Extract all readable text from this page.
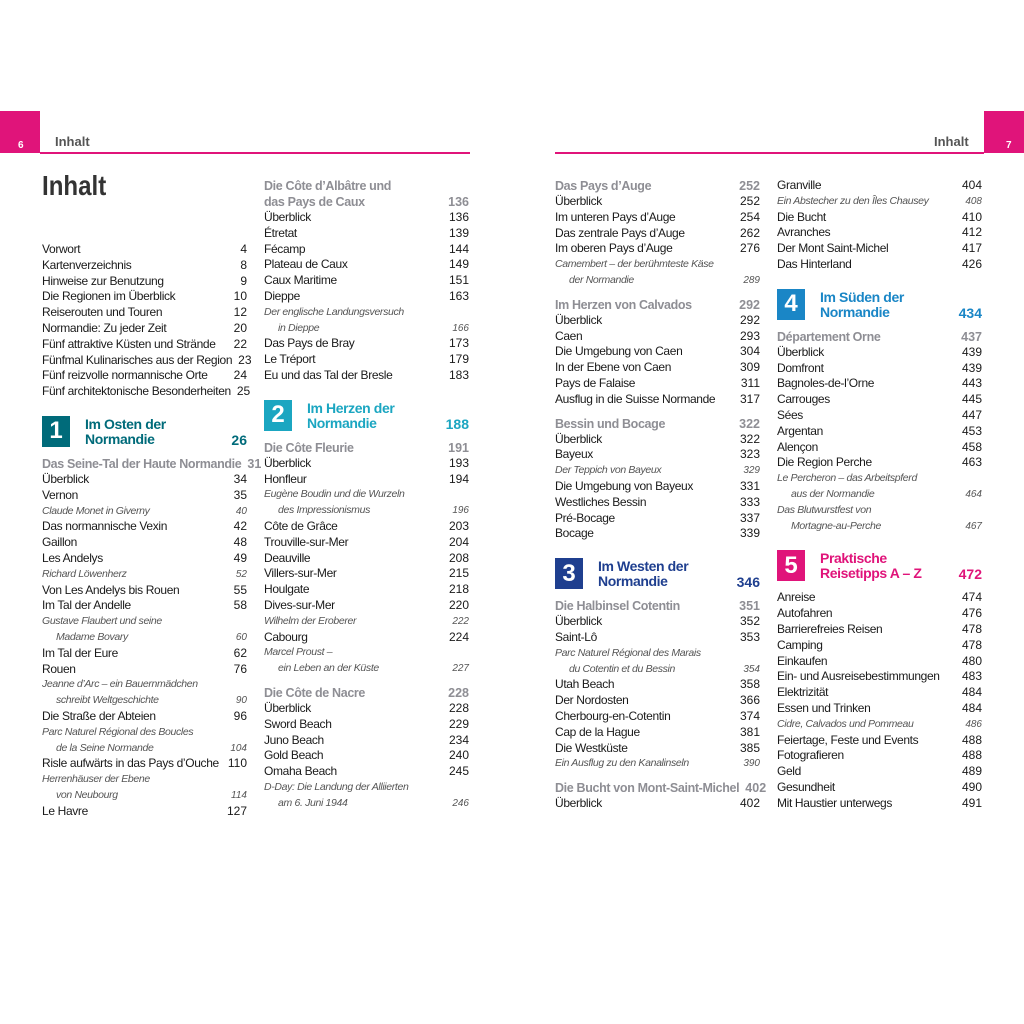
6	Inhalt	7
Inhalt
Inhalt
Vorwort	4
Kartenverzeichnis	8
Hinweise zur Benutzung	9
Die Regionen im Überblick	10
Reiserouten und Touren	12
Normandie: Zu jeder Zeit	20
Fünf attraktive Küsten und Strände	22
Fünfmal Kulinarisches aus der Region 23
Fünf reizvolle normannische Orte	24
Fünf architektonische Besonderheiten 25
1	Im Osten der
Normandie	26
Das Seine-Tal der Haute Normandie 31
Überblick	34
Vernon	35
Claude Monet in Giverny	40
Das normannische Vexin	42
Gaillon	48
Les Andelys	49
Richard Löwenherz	52
Von Les Andelys bis Rouen	55
Im Tal der Andelle	58
Gustave Flaubert und seine
Madame Bovary	60
Im Tal der Eure	62
Rouen	76
Jeanne d’Arc – ein Bauernmädchen
schreibt Weltgeschichte	90
Die Straße der Abteien	96
Parc Naturel Régional des Boucles
de la Seine Normande	104
Risle aufwärts in das Pays d’Ouche 110
Herrenhäuser der Ebene
von Neubourg	114
Le Havre	127
Die Côte d’Albâtre und
das Pays de Caux	136
Überblick	136
Étretat	139
Fécamp	144
Plateau de Caux	149
Caux Maritime	151
Dieppe	163
Der englische Landungsversuch
in Dieppe	166
Das Pays de Bray	173
Le Tréport	179
Eu und das Tal der Bresle	183
2	Im Herzen der
Normandie	188
Die Côte Fleurie	191
Überblick	193
Honfleur	194
Eugène Boudin und die Wurzeln
des Impressionismus	196
Côte de Grâce	203
Trouville-sur-Mer	204
Deauville	208
Villers-sur-Mer	215
Houlgate	218
Dives-sur-Mer	220
Wilhelm der Eroberer	222
Cabourg	224
Marcel Proust –
ein Leben an der Küste	227
Die Côte de Nacre	228
Überblick	228
Sword Beach	229
Juno Beach	234
Gold Beach	240
Omaha Beach	245
D-Day: Die Landung der Alliierten
am 6. Juni 1944	246
Das Pays d’Auge	252
Überblick	252
Im unteren Pays d’Auge	254
Das zentrale Pays d’Auge	262
Im oberen Pays d’Auge	276
Camembert – der berühmteste Käse
der Normandie	289
Im Herzen von Calvados	292
Überblick	292
Caen	293
Die Umgebung von Caen	304
In der Ebene von Caen	309
Pays de Falaise	311
Ausflug in die Suisse Normande	317
Bessin und Bocage	322
Überblick	322
Bayeux	323
Der Teppich von Bayeux	329
Die Umgebung von Bayeux	331
Westliches Bessin	333
Pré-Bocage	337
Bocage	339
3	Im Westen der
Normandie	346
Die Halbinsel Cotentin	351
Überblick	352
Saint-Lô	353
Parc Naturel Régional des Marais
du Cotentin et du Bessin	354
Utah Beach	358
Der Nordosten	366
Cherbourg-en-Cotentin	374
Cap de la Hague	381
Die Westküste	385
Ein Ausflug zu den Kanalinseln	390
Die Bucht von Mont-Saint-Michel 402
Überblick	402
Granville	404
Ein Abstecher zu den Îles Chausey	408
Die Bucht	410
Avranches	412
Der Mont Saint-Michel	417
Das Hinterland	426
4	Im Süden der
Normandie	434
Département Orne	437
Überblick	439
Domfront	439
Bagnoles-de-l’Orne	443
Carrouges	445
Sées	447
Argentan	453
Alençon	458
Die Region Perche	463
Le Percheron – das Arbeitspferd
aus der Normandie	464
Das Blutwurstfest von
Mortagne-au-Perche	467
5	Praktische
Reisetipps A – Z	472
Anreise	474
Autofahren	476
Barrierefreies Reisen	478
Camping	478
Einkaufen	480
Ein- und Ausreisebestimmungen	483
Elektrizität	484
Essen und Trinken	484
Cidre, Calvados und Pommeau	486
Feiertage, Feste und Events	488
Fotografieren	488
Geld	489
Gesundheit	490
Mit Haustier unterwegs	491
